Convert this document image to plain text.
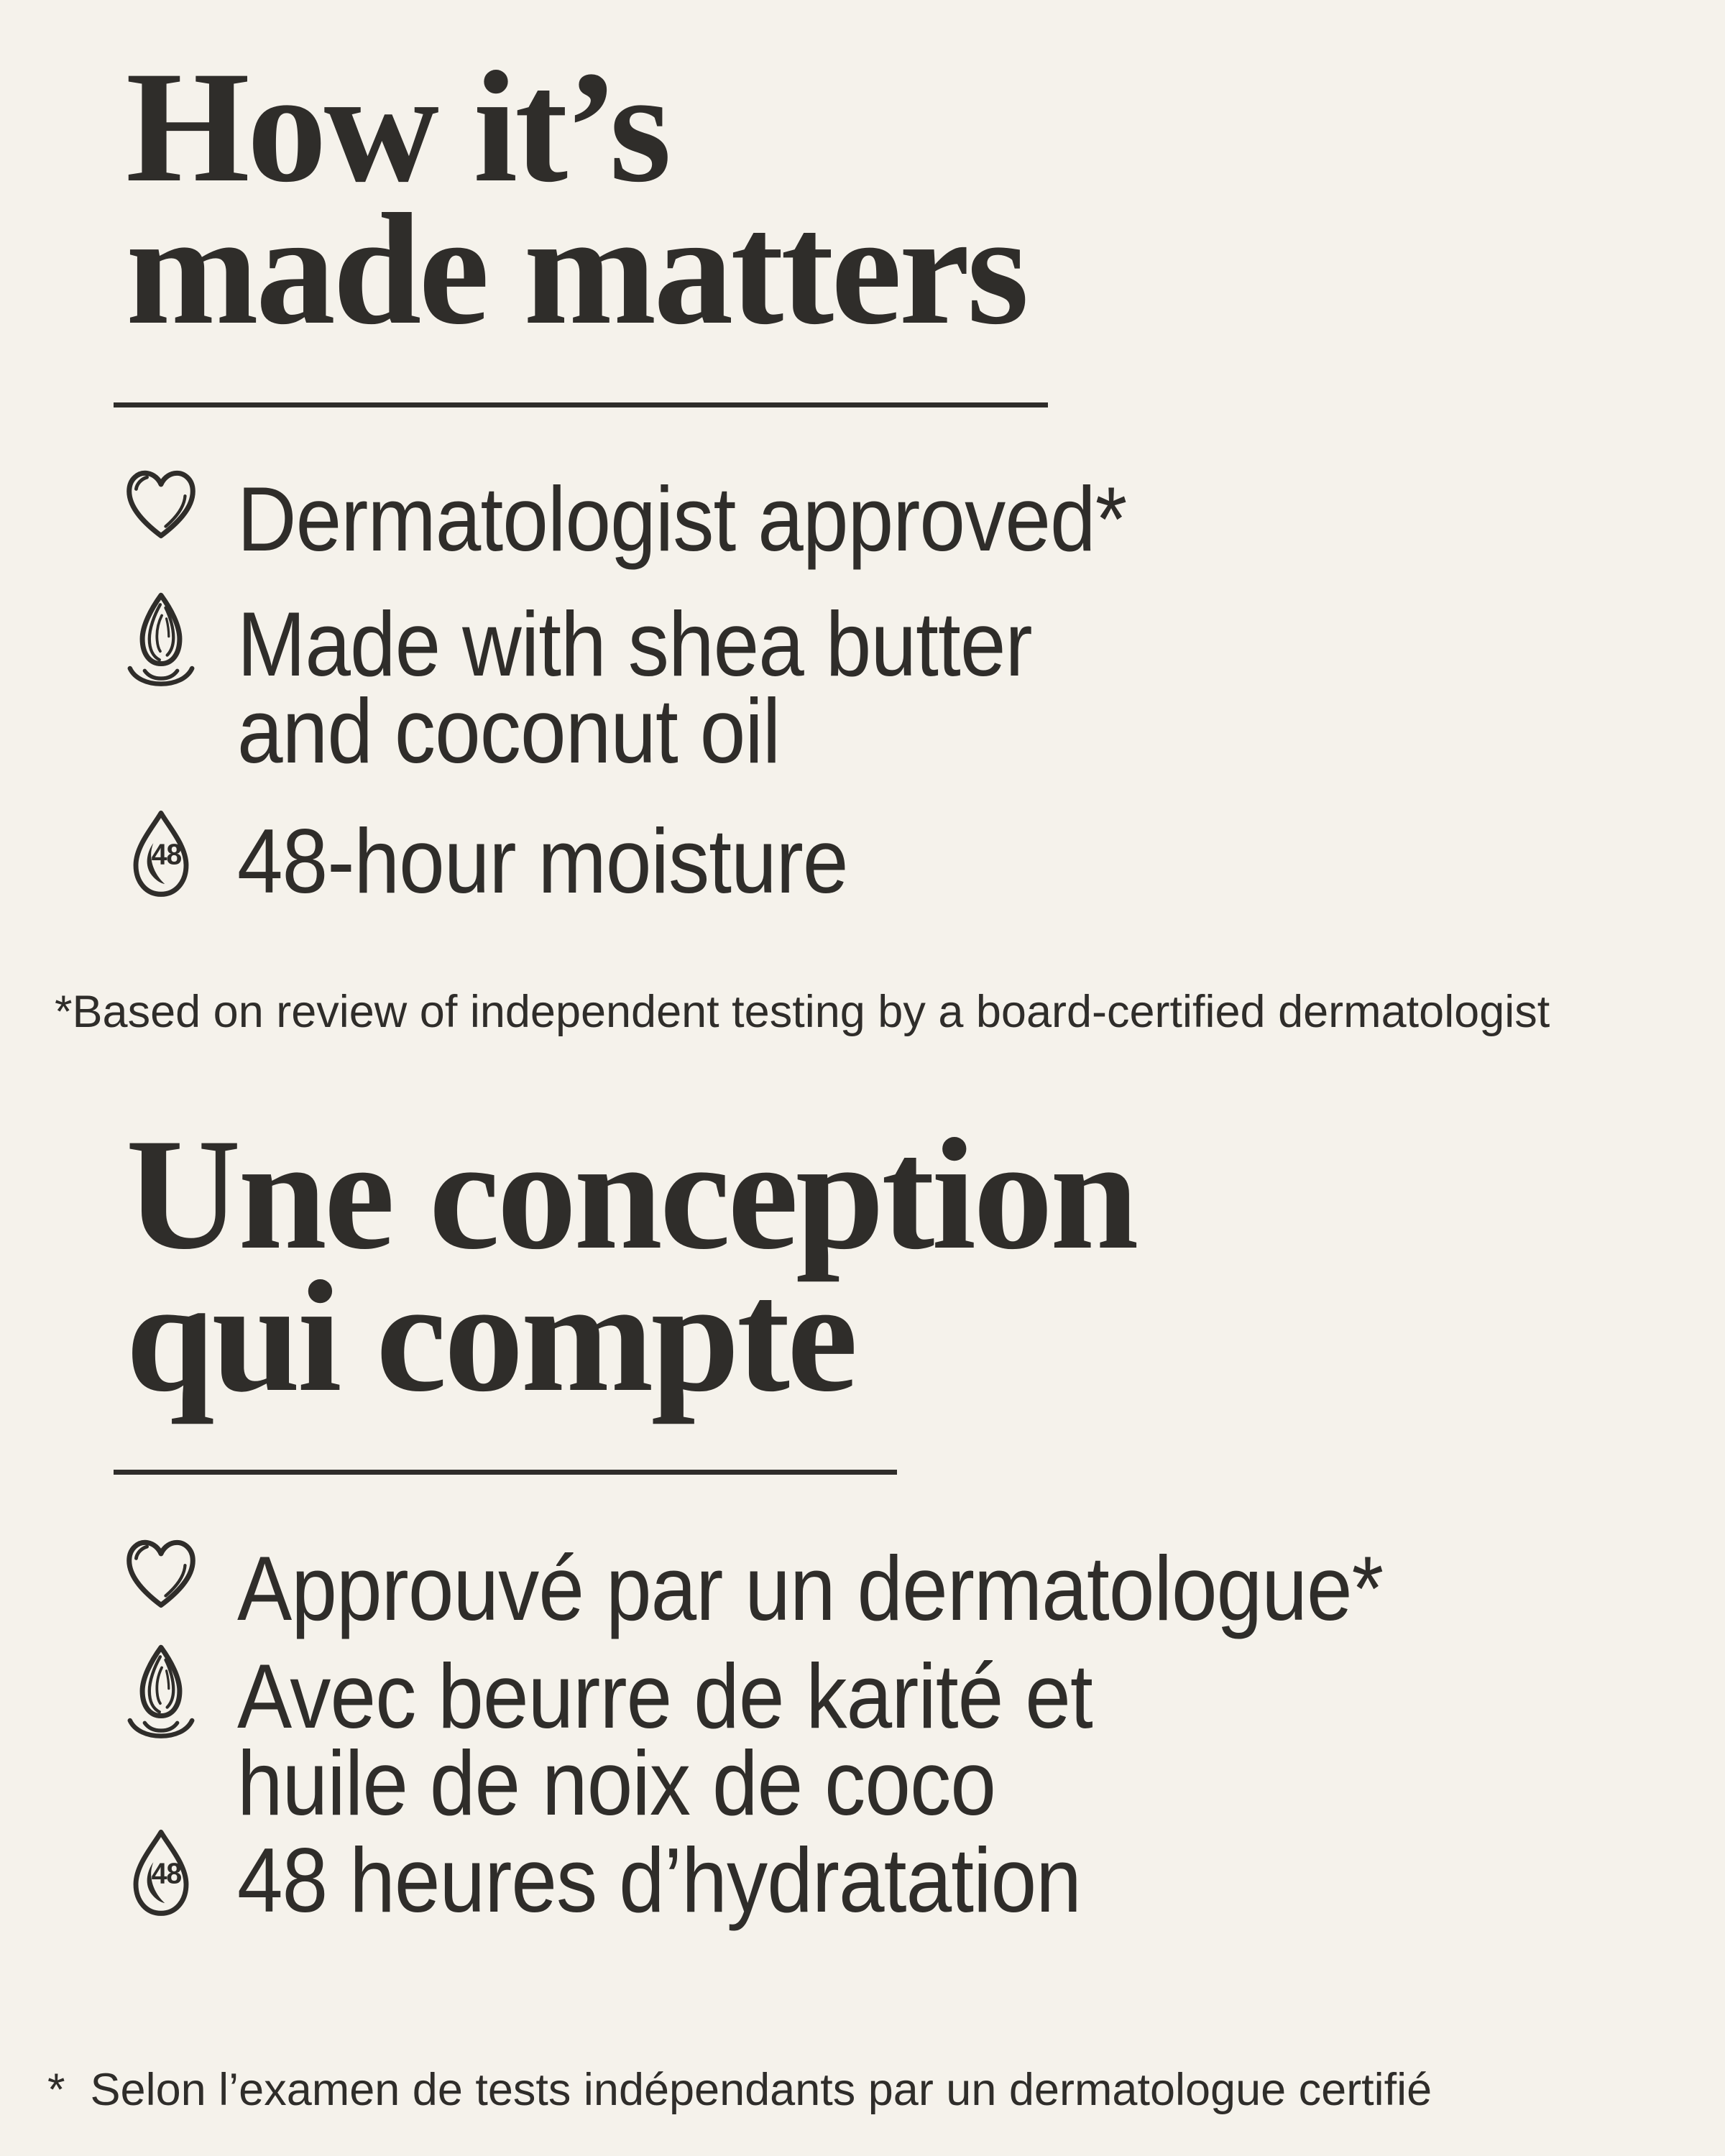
How it’s
made matters
Dermatologist approved*
Made with shea butter
and coconut oil
48 48-hour moisture

*Based on review of independent testing by a board-certified dermatologist

Une conception
qui compte
Approuvé par un dermatologue*
Avec beurre de karité et
huile de noix de coco
48 48 heures d’hydratation

*  Selon l’examen de tests indépendants par un dermatologue certifié
